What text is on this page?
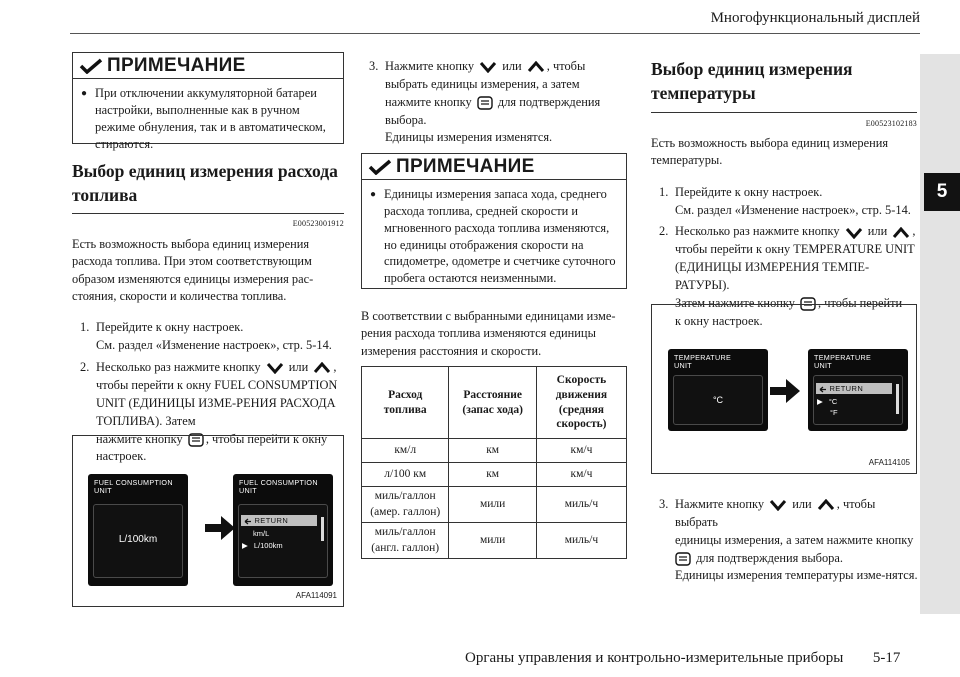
Многофункциональный дисплей
5
ПРИМЕЧАНИЕ
● При отключении аккумуляторной батареи настройки, выполненные как в ручном режиме обнуления, так и в автоматическом, стираются.
Выбор единиц измерения расхода
топлива
E00523001912

Есть возможность выбора единиц измерения расхода топлива. При этом соответствующим образом изменяются единицы измерения рас-стояния, скорости и количества топлива.

1. Перейдите к окну настроек.
См. раздел «Изменение настроек», стр. 5-14.
2. Несколько раз нажмите кнопку или , чтобы перейти к окну FUEL CONSUMPTION UNIT (ЕДИНИЦЫ ИЗМЕ-РЕНИЯ РАСХОДА ТОПЛИВА). Затем
нажмите кнопку , чтобы перейти к окну настроек.
FUEL CONSUMPTION
UNIT
L/100km
FUEL CONSUMPTION
UNIT
RETURN
km/L
▶ L/100km
AFA114091
3. Нажмите кнопку или , чтобы
выбрать единицы измерения, а затем
нажмите кнопку для подтверждения
выбора.
Единицы измерения изменятся.
ПРИМЕЧАНИЕ
● Единицы измерения запаса хода, среднего расхода топлива, средней скорости и мгновенного расхода топлива изменяются, но единицы отображения скорости на спидометре, одометре и счетчике суточного пробега остаются неизменными.

В соответствии с выбранными единицами изме-рения расхода топлива изменяются единицы измерения расстояния и скорости.

Расход
топлива	Расстояние
(запас хода)	Скорость
движения
(средняя
скорость)
км/л	км	км/ч
л/100 км	км	км/ч
миль/галлон
(амер. галлон)	мили	миль/ч
миль/галлон
(англ. галлон)	мили	миль/ч
Выбор единиц измерения
температуры
E00523102183

Есть возможность выбора единиц измерения температуры.

1. Перейдите к окну настроек.
См. раздел «Изменение настроек», стр. 5-14.
2. Несколько раз нажмите кнопку или , чтобы перейти к окну TEMPERATURE UNIT (ЕДИНИЦЫ ИЗМЕРЕНИЯ ТЕМПЕ-РАТУРЫ).
Затем нажмите кнопку , чтобы перейти
к окну настроек.
TEMPERATURE
UNIT
°C
TEMPERATURE
UNIT
RETURN
▶ °C
°F
AFA114105
3. Нажмите кнопку или , чтобы выбрать
единицы измерения, а затем нажмите кнопку
для подтверждения выбора.
Единицы измерения температуры изме-нятся.
Органы управления и контрольно-измерительные приборы 5-17
